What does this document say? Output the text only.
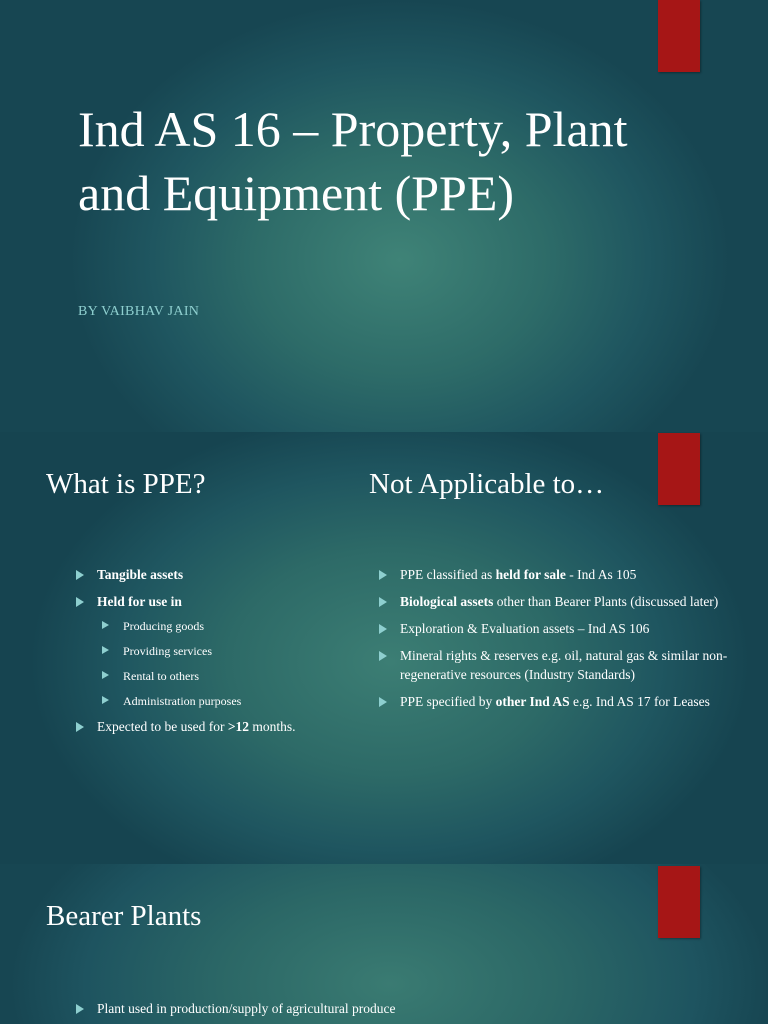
Ind AS 16 – Property, Plant and Equipment (PPE)
BY VAIBHAV JAIN
What is PPE?	Not Applicable to…
Tangible assets
Held for use in
Producing goods
Providing services
Rental to others
Administration purposes
Expected to be used for >12 months.
PPE classified as held for sale - Ind As 105
Biological assets other than Bearer Plants (discussed later)
Exploration & Evaluation assets – Ind AS 106
Mineral rights & reserves e.g. oil, natural gas & similar non-regenerative resources (Industry Standards)
PPE specified by other Ind AS e.g. Ind AS 17 for Leases
Bearer Plants
Plant used in production/supply of agricultural produce
